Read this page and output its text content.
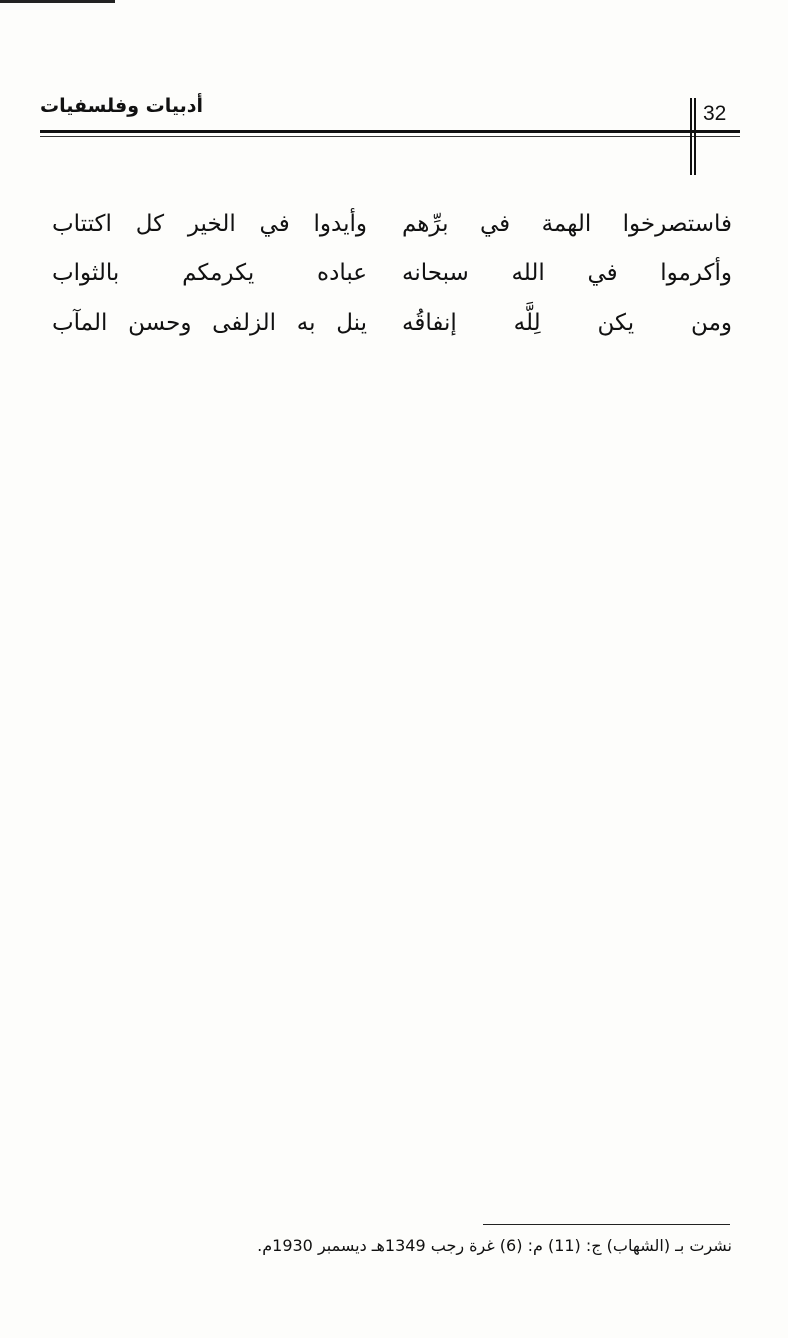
أدبيات وفلسفيات	32
فاستصرخوا الهمة في برِّهم
وأيدوا في الخير كل اكتتاب
وأكرموا في الله سبحانه
عباده يكرمكم بالثواب
ومن يكن لِلَّه إنفاقُه
ينل به الزلفى وحسن المآب
نشرت بـ (الشهاب) ج: (11) م: (6) غرة رجب 1349هـ ديسمبر 1930م.
